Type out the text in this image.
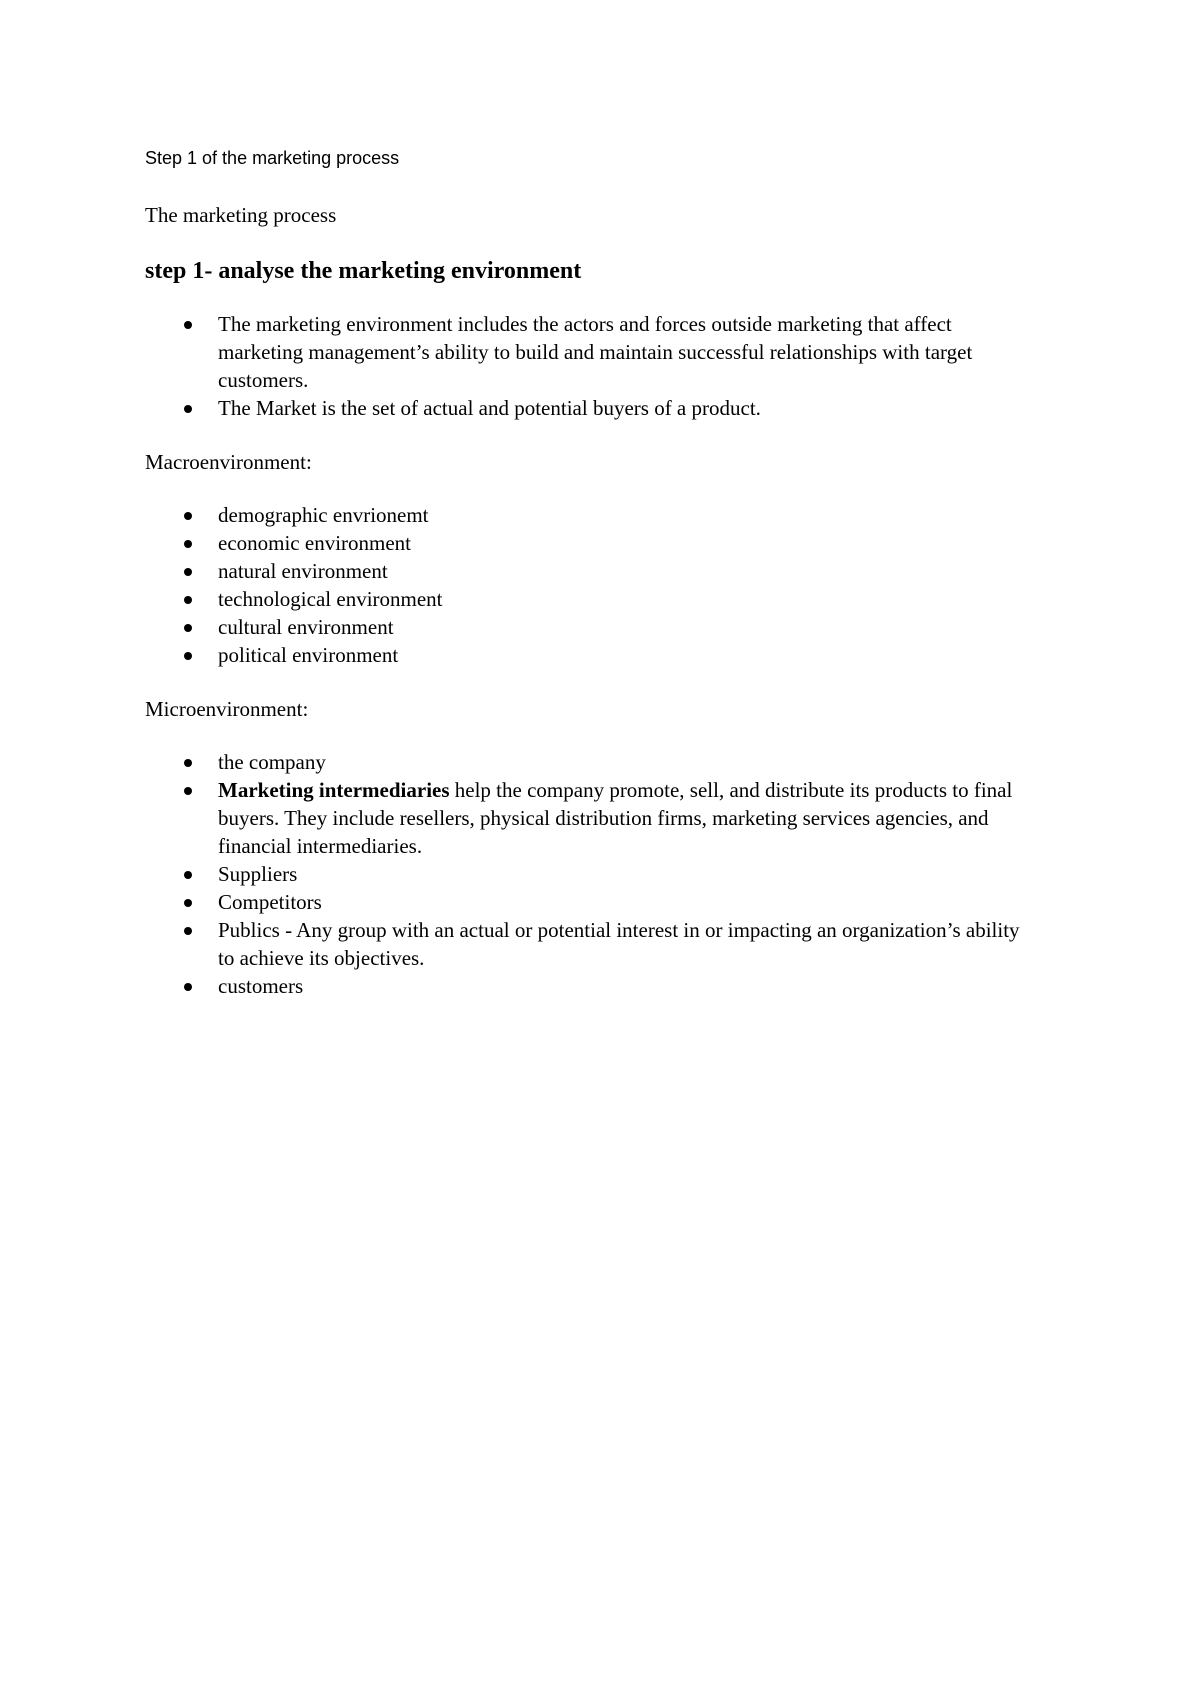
Step 1 of the marketing process

The marketing process

step 1- analyse the marketing environment
The marketing environment includes the actors and forces outside marketing that affect marketing management’s ability to build and maintain successful relationships with target customers.
The Market is the set of actual and potential buyers of a product.

Macroenvironment:

demographic envrionemt
economic environment
natural environment
technological environment
cultural environment
political environment

Microenvironment:

the company
Marketing intermediaries help the company promote, sell, and distribute its products to final buyers. They include resellers, physical distribution firms, marketing services agencies, and financial intermediaries.
Suppliers
Competitors
Publics - Any group with an actual or potential interest in or impacting an organization’s ability to achieve its objectives.
customers
